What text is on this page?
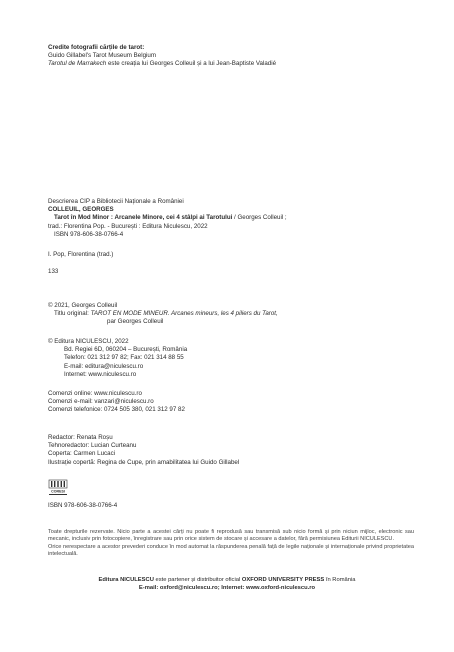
Credite fotografii cărțile de tarot:
Guido Gillabel's Tarot Museum Belgium
Tarotul de Marrakech este creația lui Georges Colleuil și a lui Jean-Baptiste Valadié
Descrierea CIP a Bibliotecii Naționale a României
COLLEUIL, GEORGES
Tarot în Mod Minor : Arcanele Minore, cei 4 stâlpi ai Tarotului / Georges Colleuil ;
trad.: Florentina Pop. - București : Editura Niculescu, 2022
ISBN 978-606-38-0766-4
I. Pop, Florentina (trad.)
133
© 2021, Georges Colleuil
Titlu original: TAROT EN MODE MINEUR. Arcanes mineurs, les 4 piliers du Tarot,
par Georges Colleuil
© Editura NICULESCU, 2022
Bd. Regiei 6D, 060204 – București, România
Telefon: 021 312 97 82; Fax: 021 314 88 55
E-mail: editura@niculescu.ro
Internet: www.niculescu.ro
Comenzi online: www.niculescu.ro
Comenzi e-mail: vanzari@niculescu.ro
Comenzi telefonice: 0724 505 380, 021 312 97 82
Redactor: Renata Roșu
Tehnoredactor: Lucian Curteanu
Coperta: Carmen Lucaci
Ilustrație copertă: Regina de Cupe, prin amabilitatea lui Guido Gillabel
CORESI
ISBN 978-606-38-0766-4
Toate drepturile rezervate. Nicio parte a acestei cărți nu poate fi reprodusă sau transmisă sub nicio formă și prin niciun mijloc, electronic sau mecanic, inclusiv prin fotocopiere, înregistrare sau prin orice sistem de stocare și accesare a datelor, fără permisiunea Editurii NICULESCU.
Orice nerespectare a acestor prevederi conduce în mod automat la răspunderea penală față de legile naționale și internaționale privind proprietatea intelectuală.
Editura NICULESCU este partener și distribuitor oficial OXFORD UNIVERSITY PRESS în România
E-mail: oxford@niculescu.ro; Internet: www.oxford-niculescu.ro
